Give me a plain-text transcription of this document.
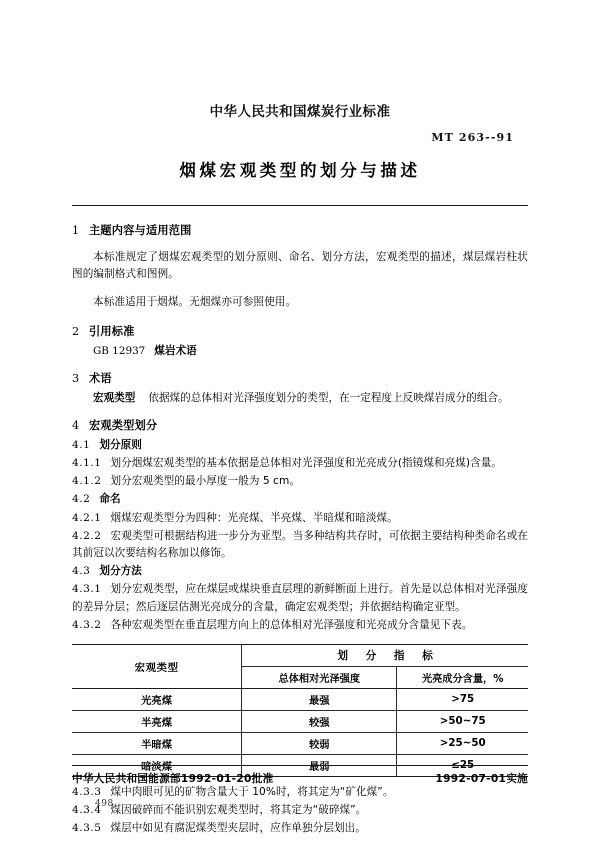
中华人民共和国煤炭行业标准
MT 263--91
烟煤宏观类型的划分与描述
1 主题内容与适用范围

本标准规定了烟煤宏观类型的划分原则、命名、划分方法，宏观类型的描述，煤层煤岩柱状图的编制格式和图例。

本标准适用于烟煤。无烟煤亦可参照使用。

2 引用标准
GB 12937 煤岩术语
3 术语
宏观类型 依据煤的总体相对光泽强度划分的类型，在一定程度上反映煤岩成分的组合。
4 宏观类型划分
4.1 划分原则
4.1.1 划分烟煤宏观类型的基本依据是总体相对光泽强度和光亮成分(指镜煤和亮煤)含量。
4.1.2 划分宏观类型的最小厚度一般为 5 cm。
4.2 命名
4.2.1 烟煤宏观类型分为四种：光亮煤、半亮煤、半暗煤和暗淡煤。
4.2.2 宏观类型可根据结构进一步分为亚型。当多种结构共存时，可依据主要结构种类命名或在其前冠以次要结构名称加以修饰。
4.3 划分方法
4.3.1 划分宏观类型，应在煤层或煤块垂直层理的新鲜断面上进行。首先是以总体相对光泽强度的差异分层；然后逐层估测光亮成分的含量，确定宏观类型；并依据结构确定亚型。
4.3.2 各种宏观类型在垂直层理方向上的总体相对光泽强度和光亮成分含量见下表。
宏观类型	划 分 指 标	
	总体相对光泽强度	光亮成分含量，%
光亮煤	最强	>75
半亮煤	较强	>50~75
半暗煤	较弱	>25~50
暗淡煤	最弱	≤25
4.3.3 煤中肉眼可见的矿物含量大于 10%时，将其定为“矿化煤”。
4.3.4 煤因破碎而不能识别宏观类型时，将其定为“破碎煤”。
4.3.5 煤层中如见有腐泥煤类型夹层时，应作单独分层划出。
中华人民共和国能源部1992-01-20批准	1992-07-01实施
498
